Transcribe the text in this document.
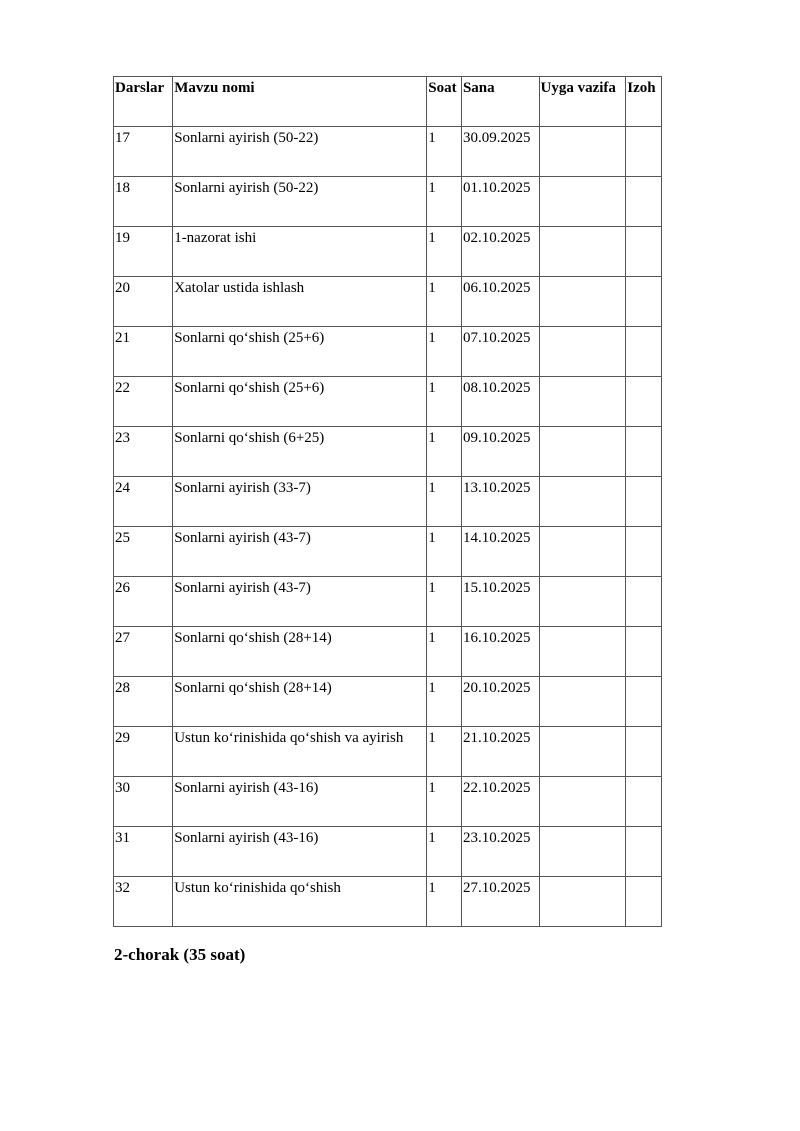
Darslar	Mavzu nomi	Soat	Sana	Uyga vazifa	Izoh
17	Sonlarni ayirish (50-22)	1	30.09.2025		
18	Sonlarni ayirish (50-22)	1	01.10.2025		
19	1-nazorat ishi	1	02.10.2025		
20	Xatolar ustida ishlash	1	06.10.2025		
21	Sonlarni qo‘shish (25+6)	1	07.10.2025		
22	Sonlarni qo‘shish (25+6)	1	08.10.2025		
23	Sonlarni qo‘shish (6+25)	1	09.10.2025		
24	Sonlarni ayirish (33-7)	1	13.10.2025		
25	Sonlarni ayirish (43-7)	1	14.10.2025		
26	Sonlarni ayirish (43-7)	1	15.10.2025		
27	Sonlarni qo‘shish (28+14)	1	16.10.2025		
28	Sonlarni qo‘shish (28+14)	1	20.10.2025		
29	Ustun ko‘rinishida qo‘shish va ayirish	1	21.10.2025		
30	Sonlarni ayirish (43-16)	1	22.10.2025		
31	Sonlarni ayirish (43-16)	1	23.10.2025		
32	Ustun ko‘rinishida qo‘shish	1	27.10.2025		
2-chorak (35 soat)
